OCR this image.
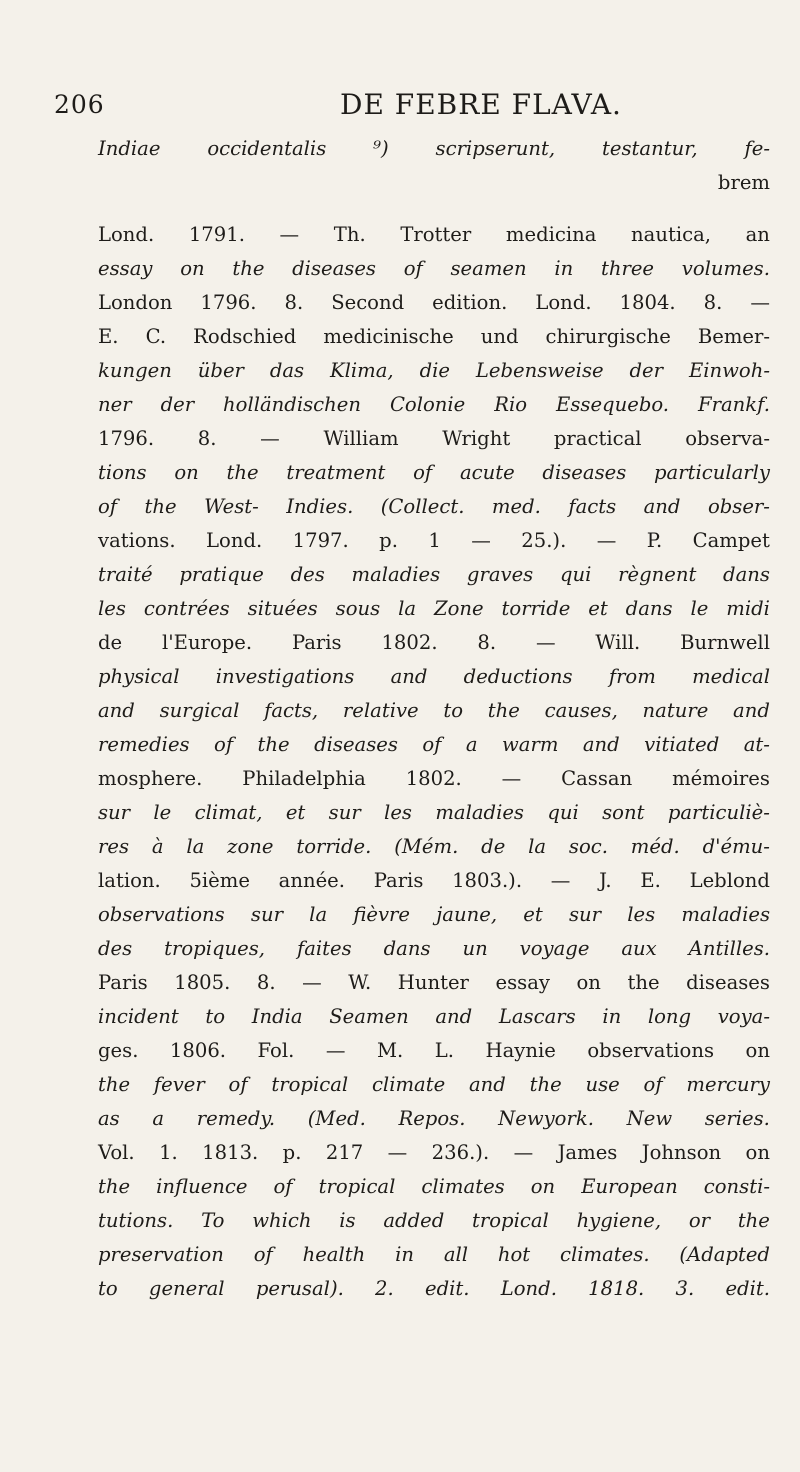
206	DE FEBRE FLAVA.
Indiae occidentalis ⁹) scripserunt, testantur, fe-
brem
Lond. 1791. — Th. Trotter medicina nautica, an
essay on the diseases of seamen in three volumes.
London 1796. 8. Second edition. Lond. 1804. 8. —
E. C. Rodschied medicinische und chirurgische Bemer-
kungen über das Klima, die Lebensweise der Einwoh-
ner der holländischen Colonie Rio Essequebo. Frankf.
1796. 8. — William Wright practical observa-
tions on the treatment of acute diseases particularly
of the West- Indies. (Collect. med. facts and obser-
vations. Lond. 1797. p. 1 — 25.). — P. Campet
traité pratique des maladies graves qui règnent dans
les contrées situées sous la Zone torride et dans le midi
de l'Europe. Paris 1802. 8. — Will. Burnwell
physical investigations and deductions from medical
and surgical facts, relative to the causes, nature and
remedies of the diseases of a warm and vitiated at-
mosphere. Philadelphia 1802. — Cassan mémoires
sur le climat, et sur les maladies qui sont particuliè-
res à la zone torride. (Mém. de la soc. méd. d'ému-
lation. 5ième année. Paris 1803.). — J. E. Leblond
observations sur la fièvre jaune, et sur les maladies
des tropiques, faites dans un voyage aux Antilles.
Paris 1805. 8. — W. Hunter essay on the diseases
incident to India Seamen and Lascars in long voya-
ges. 1806. Fol. — M. L. Haynie observations on
the fever of tropical climate and the use of mercury
as a remedy. (Med. Repos. Newyork. New series.
Vol. 1. 1813. p. 217 — 236.). — James Johnson on
the influence of tropical climates on European consti-
tutions. To which is added tropical hygiene, or the
preservation of health in all hot climates. (Adapted
to general perusal). 2. edit. Lond. 1818. 3. edit.
